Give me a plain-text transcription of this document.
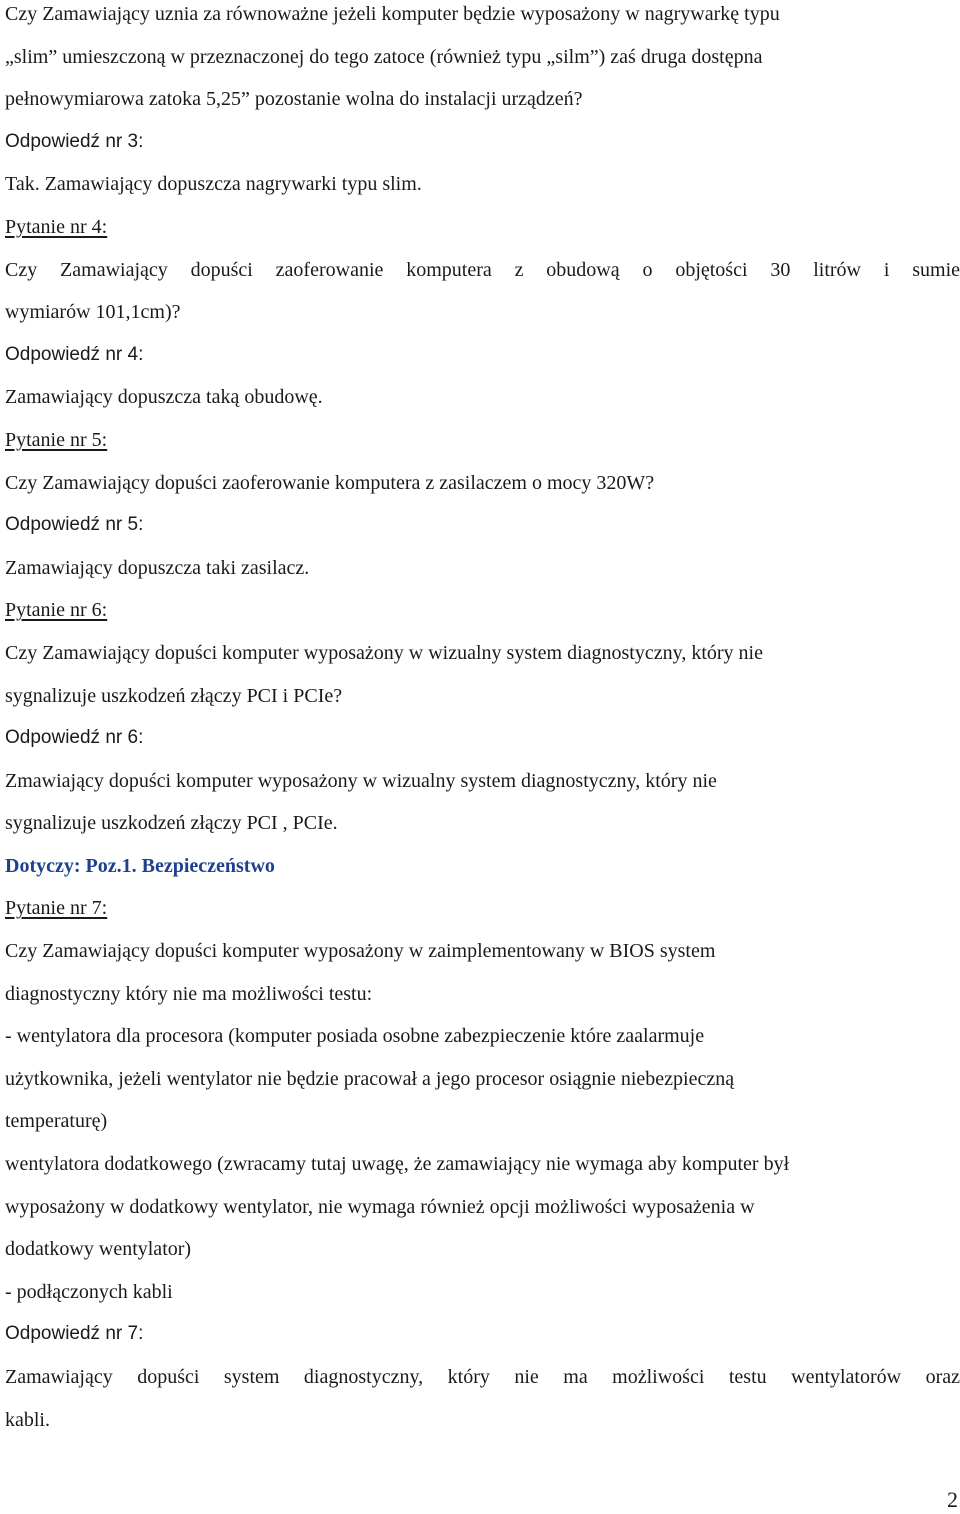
Czy Zamawiający uznia za równoważne jeżeli komputer będzie wyposażony w nagrywarkę typu
„slim” umieszczoną w przeznaczonej do tego zatoce (również typu „silm”) zaś druga dostępna
pełnowymiarowa zatoka 5,25” pozostanie wolna do instalacji urządzeń?
Odpowiedź nr 3:
Tak. Zamawiający dopuszcza nagrywarki typu slim.
Pytanie nr 4:
Czy Zamawiający dopuści zaoferowanie komputera z obudową o objętości 30 litrów i sumie
wymiarów 101,1cm)?
Odpowiedź nr 4:
Zamawiający dopuszcza taką obudowę.
Pytanie nr 5:
Czy Zamawiający dopuści zaoferowanie komputera z zasilaczem o mocy 320W?
Odpowiedź nr 5:
Zamawiający dopuszcza taki zasilacz.
Pytanie nr 6:
Czy Zamawiający dopuści komputer wyposażony w wizualny system diagnostyczny, który nie
sygnalizuje uszkodzeń złączy PCI i PCIe?
Odpowiedź nr 6:
Zmawiający dopuści komputer wyposażony w wizualny system diagnostyczny, który nie
sygnalizuje uszkodzeń złączy PCI , PCIe.
Dotyczy: Poz.1. Bezpieczeństwo
Pytanie nr 7:
Czy Zamawiający dopuści komputer wyposażony w zaimplementowany w BIOS system
diagnostyczny który nie ma możliwości testu:
- wentylatora dla procesora (komputer posiada osobne zabezpieczenie które zaalarmuje
użytkownika, jeżeli wentylator nie będzie pracował a jego procesor osiągnie niebezpieczną
temperaturę)
wentylatora dodatkowego (zwracamy tutaj uwagę, że zamawiający nie wymaga aby komputer był
wyposażony w dodatkowy wentylator, nie wymaga również opcji możliwości wyposażenia w
dodatkowy wentylator)
- podłączonych kabli
Odpowiedź nr 7:
Zamawiający dopuści system diagnostyczny, który nie ma możliwości testu wentylatorów oraz
kabli.
2
